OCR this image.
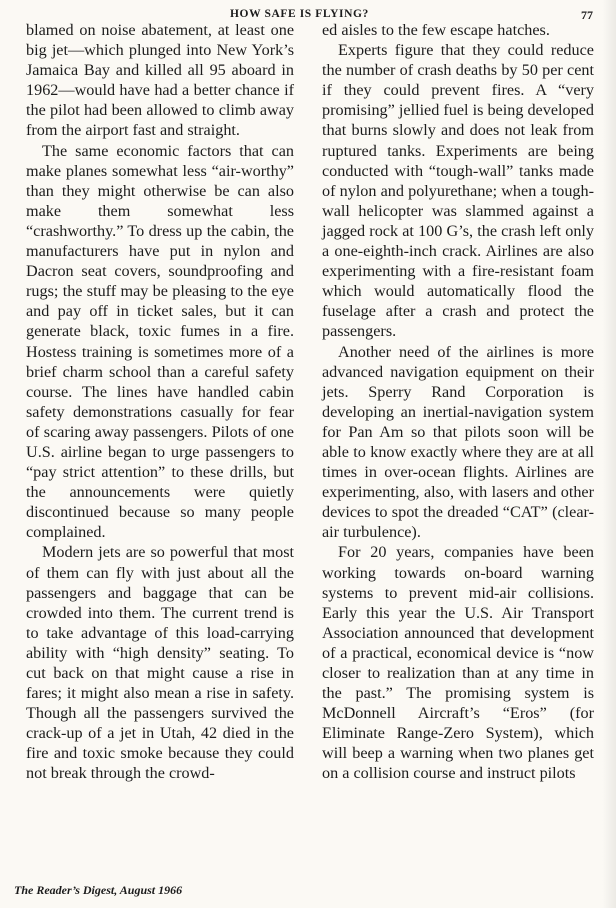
HOW SAFE IS FLYING?	77

blamed on noise abatement, at least one big jet—which plunged into New York’s Jamaica Bay and killed all 95 aboard in 1962—would have had a better chance if the pilot had been allowed to climb away from the airport fast and straight.

The same economic factors that can make planes somewhat less “air-worthy” than they might otherwise be can also make them somewhat less “crashworthy.” To dress up the cabin, the manufacturers have put in nylon and Dacron seat covers, soundproofing and rugs; the stuff may be pleasing to the eye and pay off in ticket sales, but it can generate black, toxic fumes in a fire. Hostess training is sometimes more of a brief charm school than a careful safety course. The lines have handled cabin safety demonstrations casually for fear of scaring away passengers. Pilots of one U.S. airline began to urge passengers to “pay strict attention” to these drills, but the announcements were quietly discontinued because so many people complained.

Modern jets are so powerful that most of them can fly with just about all the passengers and baggage that can be crowded into them. The current trend is to take advantage of this load-carrying ability with “high density” seating. To cut back on that might cause a rise in fares; it might also mean a rise in safety. Though all the passengers survived the crack-up of a jet in Utah, 42 died in the fire and toxic smoke because they could not break through the crowd-

ed aisles to the few escape hatches.

Experts figure that they could reduce the number of crash deaths by 50 per cent if they could prevent fires. A “very promising” jellied fuel is being developed that burns slowly and does not leak from ruptured tanks. Experiments are being conducted with “tough-wall” tanks made of nylon and polyurethane; when a tough-wall helicopter was slammed against a jagged rock at 100 G’s, the crash left only a one-eighth-inch crack. Airlines are also experimenting with a fire-resistant foam which would automatically flood the fuselage after a crash and protect the passengers.

Another need of the airlines is more advanced navigation equipment on their jets. Sperry Rand Corporation is developing an inertial-navigation system for Pan Am so that pilots soon will be able to know exactly where they are at all times in over-ocean flights. Airlines are experimenting, also, with lasers and other devices to spot the dreaded “CAT” (clear-air turbulence).

For 20 years, companies have been working towards on-board warning systems to prevent mid-air collisions. Early this year the U.S. Air Transport Association announced that development of a practical, economical device is “now closer to realization than at any time in the past.” The promising system is McDonnell Aircraft’s “Eros” (for Eliminate Range-Zero System), which will beep a warning when two planes get on a collision course and instruct pilots

The Reader’s Digest, August 1966
